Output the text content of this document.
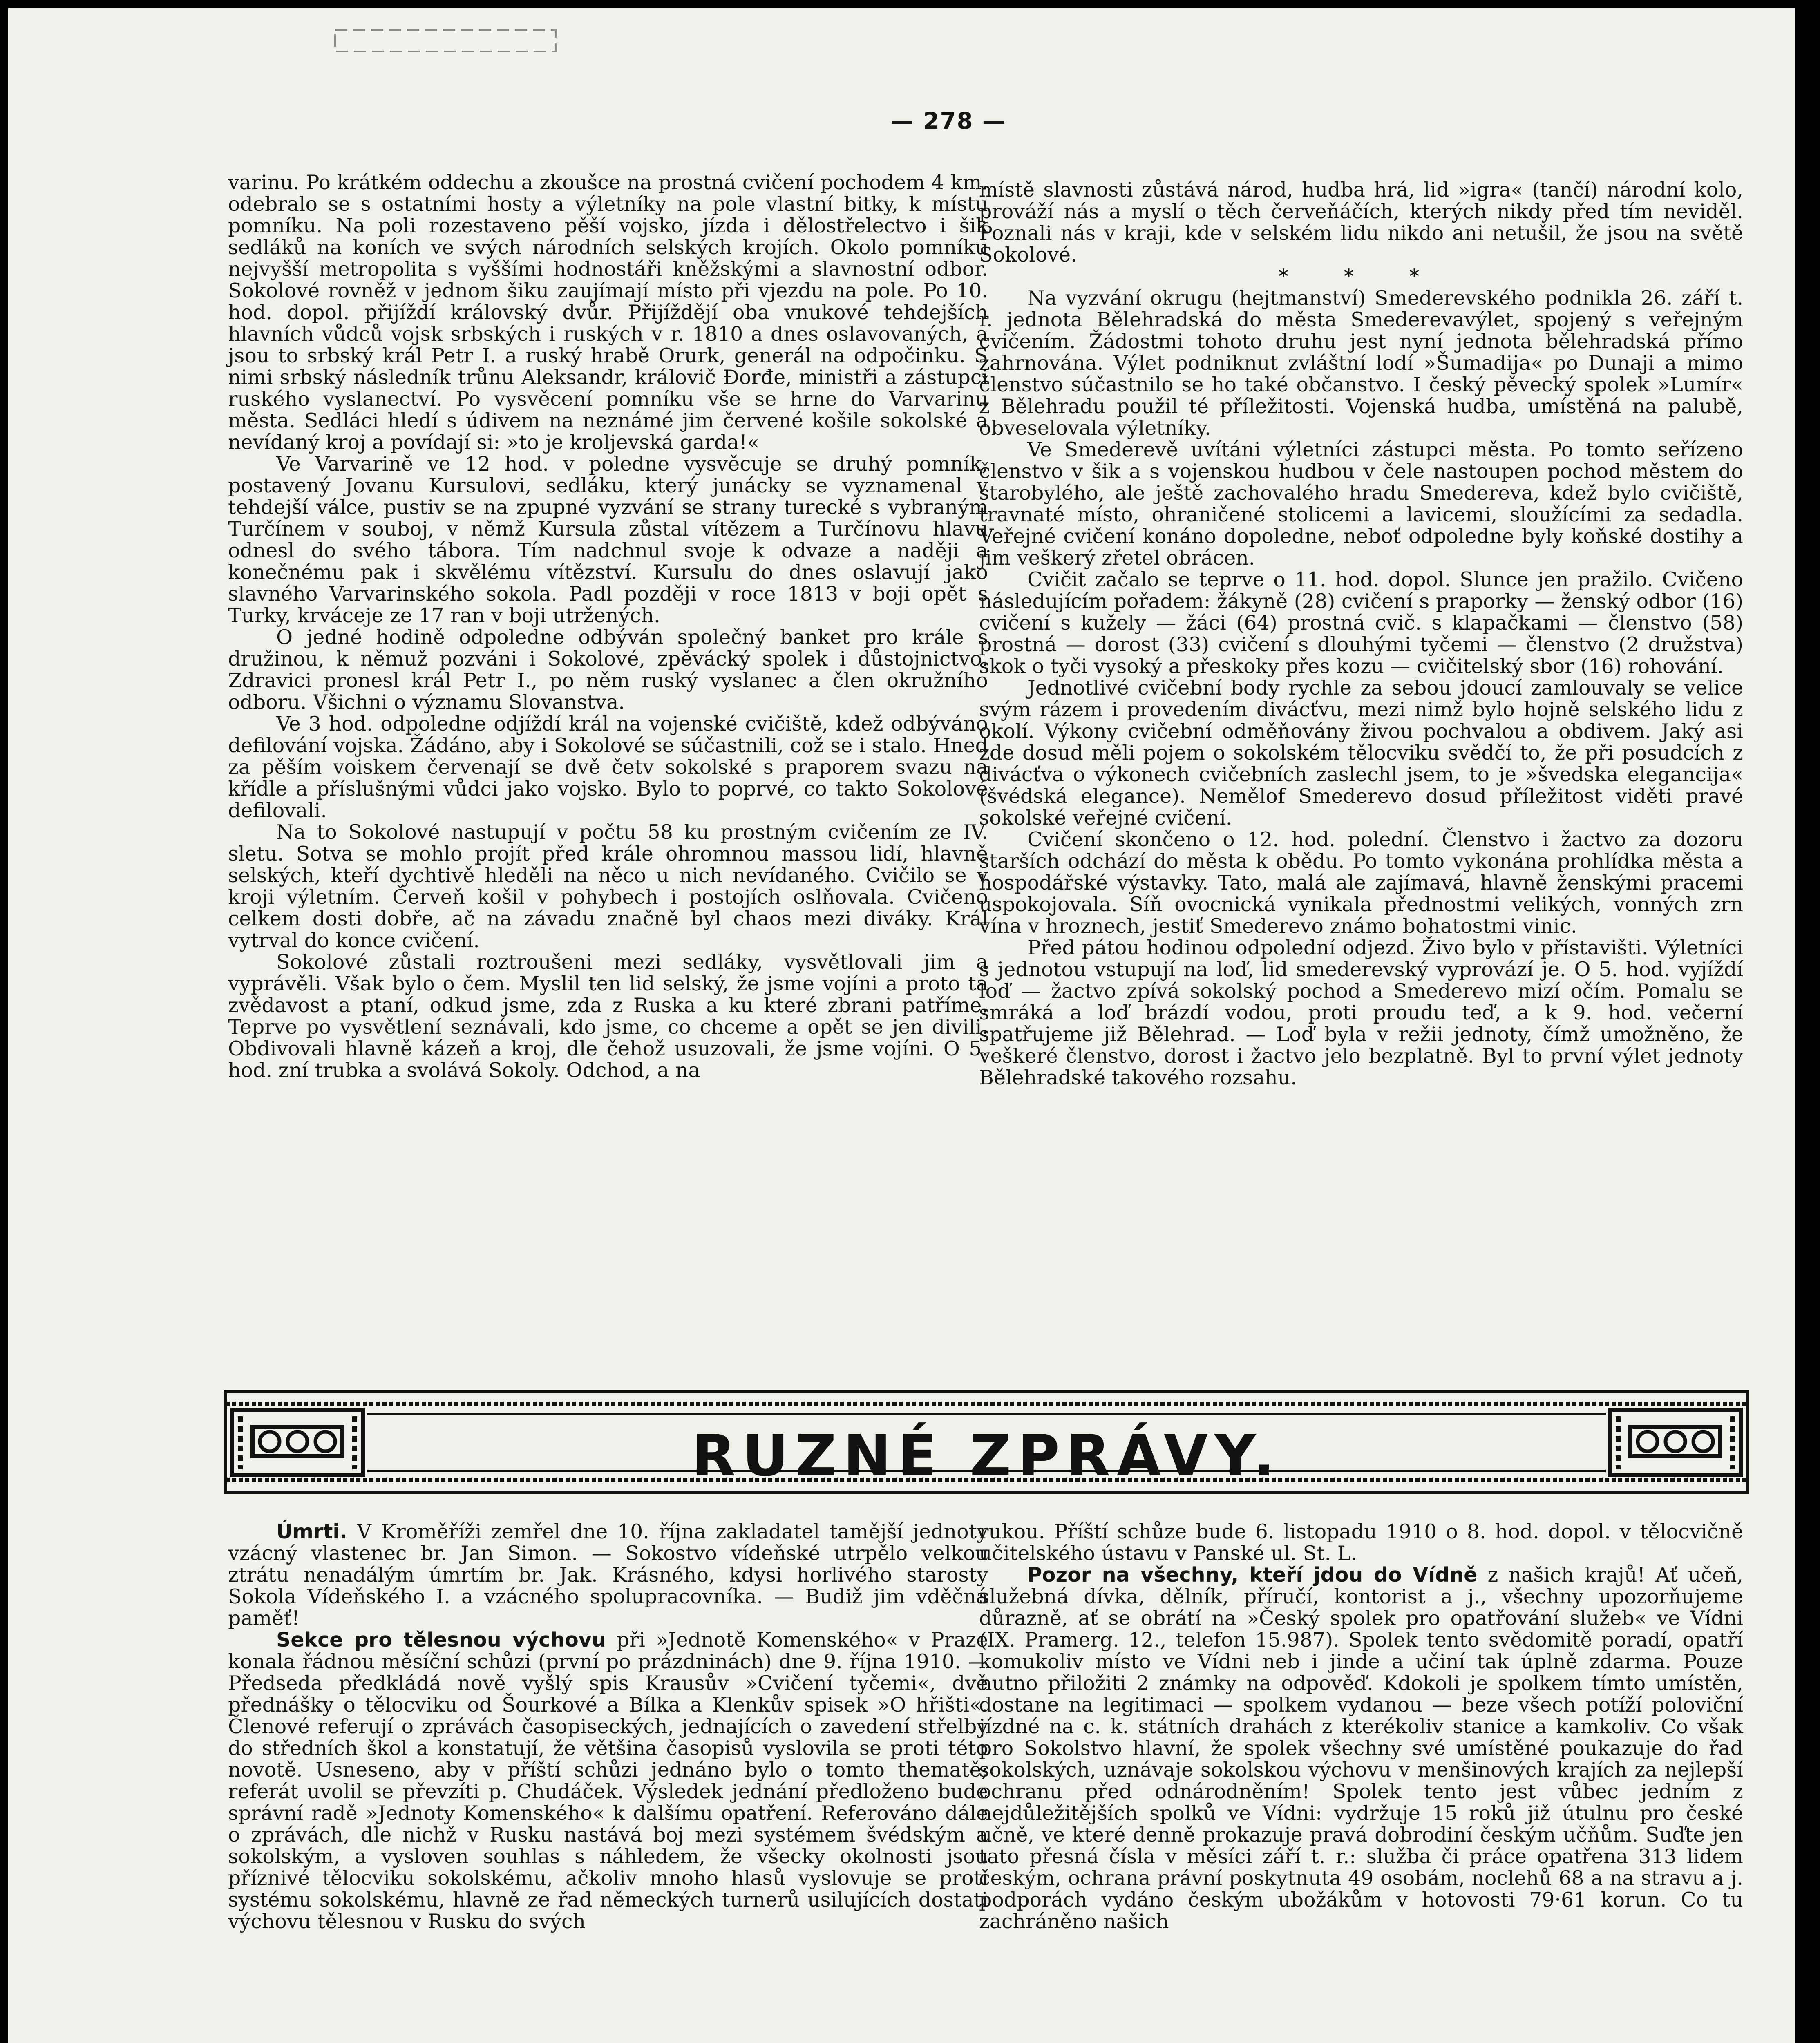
— 278 —

varinu. Po krátkém oddechu a zkoušce na prostná cvičení pochodem 4 km. odebralo se s ostatními hosty a výletníky na pole vlastní bitky, k místu pomníku. Na poli rozestaveno pěší vojsko, jízda i dělostřelectvo i šik sedláků na koních ve svých národních selských krojích. Okolo pomníku nejvyšší metropolita s vyššími hodnostáři kněžskými a slavnostní odbor. Sokolové rovněž v jednom šiku zaujímají místo při vjezdu na pole. Po 10. hod. dopol. přijíždí královský dvůr. Přijíždějí oba vnukové tehdejších hlavních vůdců vojsk srbských i ruských v r. 1810 a dnes oslavovaných, a jsou to srbský král Petr I. a ruský hrabě Orurk, generál na odpočinku. S nimi srbský následník trůnu Aleksandr, královič Đorđe, ministři a zástupci ruského vyslanectví. Po vysvěcení pomníku vše se hrne do Varvarinu města. Sedláci hledí s údivem na neznámé jim červené košile sokolské a nevídaný kroj a povídají si: »to je kroljevská garda!«

Ve Varvarině ve 12 hod. v poledne vysvěcuje se druhý pomník, postavený Jovanu Kursulovi, sedláku, který junácky se vyznamenal v tehdejší válce, pustiv se na zpupné vyzvání se strany turecké s vybraným Turčínem v souboj, v němž Kursula zůstal vítězem a Turčínovu hlavu odnesl do svého tábora. Tím nadchnul svoje k odvaze a naději a konečnému pak i skvělému vítězství. Kursulu do dnes oslavují jako slavného Varvarinského sokola. Padl později v roce 1813 v boji opět s Turky, krváceje ze 17 ran v boji utržených.

O jedné hodině odpoledne odbýván společný banket pro krále s družinou, k němuž pozváni i Sokolové, zpěvácký spolek i důstojnictvo. Zdravici pronesl král Petr I., po něm ruský vyslanec a člen okružního odboru. Všichni o významu Slovanstva.

Ve 3 hod. odpoledne odjíždí král na vojenské cvičiště, kdež odbýváno defilování vojska. Žádáno, aby i Sokolové se súčastnili, což se i stalo. Hned za pěším voiskem červenají se dvě četv sokolské s praporem svazu na křídle a příslušnými vůdci jako vojsko. Bylo to poprvé, co takto Sokolové defilovali.

Na to Sokolové nastupují v počtu 58 ku prostným cvičením ze IV. sletu. Sotva se mohlo projít před krále ohromnou massou lidí, hlavně selských, kteří dychtivě hleděli na něco u nich nevídaného. Cvičilo se v kroji výletním. Červeň košil v pohybech i postojích oslňovala. Cvičeno celkem dosti dobře, ač na závadu značně byl chaos mezi diváky. Král vytrval do konce cvičení.

Sokolové zůstali roztroušeni mezi sedláky, vysvětlovali jim a vyprávěli. Však bylo o čem. Myslil ten lid selský, že jsme vojíni a proto ta zvědavost a ptaní, odkud jsme, zda z Ruska a ku které zbrani patříme. Teprve po vysvětlení seznávali, kdo jsme, co chceme a opět se jen divili. Obdivovali hlavně kázeň a kroj, dle čehož usuzovali, že jsme vojíni. O 5. hod. zní trubka a svolává Sokoly. Odchod, a na

místě slavnosti zůstává národ, hudba hrá, lid »igra« (tančí) národní kolo, prováží nás a myslí o těch červeňáčích, kterých nikdy před tím neviděl. Poznali nás v kraji, kde v selském lidu nikdo ani netušil, že jsou na světě Sokolové.

* * *

Na vyzvání okrugu (hejtmanství) Smederevského podnikla 26. září t. r. jednota Bělehradská do města Smederevavýlet, spojený s veřejným cvičením. Žádostmi tohoto druhu jest nyní jednota bělehradská přímo zahrnována. Výlet podniknut zvláštní lodí »Šumadija« po Dunaji a mimo členstvo súčastnilo se ho také občanstvo. I český pěvecký spolek »Lumír« z Bělehradu použil té příležitosti. Vojenská hudba, umístěná na palubě, obveselovala výletníky.

Ve Smederevě uvítáni výletníci zástupci města. Po tomto seřízeno členstvo v šik a s vojenskou hudbou v čele nastoupen pochod městem do starobylého, ale ještě zachovalého hradu Smedereva, kdež bylo cvičiště, travnaté místo, ohraničené stolicemi a lavicemi, sloužícími za sedadla. Veřejné cvičení konáno dopoledne, neboť odpoledne byly koňské dostihy a jim veškerý zřetel obrácen.

Cvičit začalo se teprve o 11. hod. dopol. Slunce jen pražilo. Cvičeno následujícím pořadem: žákyně (28) cvičení s praporky — ženský odbor (16) cvičení s kužely — žáci (64) prostná cvič. s klapačkami — členstvo (58) prostná — dorost (33) cvičení s dlouhými tyčemi — členstvo (2 družstva) skok o tyči vysoký a přeskoky přes kozu — cvičitelský sbor (16) rohování.

Jednotlivé cvičební body rychle za sebou jdoucí zamlouvaly se velice svým rázem i provedením divácťvu, mezi nimž bylo hojně selského lidu z okolí. Výkony cvičební odměňovány živou pochvalou a obdivem. Jaký asi zde dosud měli pojem o sokolském tělocviku svědčí to, že při posudcích z divácťva o výkonech cvičebních zaslechl jsem, to je »švedska elegancija« (švédská elegance). Nemělof Smederevo dosud příležitost viděti pravé sokolské veřejné cvičení.

Cvičení skončeno o 12. hod. polední. Členstvo i žactvo za dozoru starších odchází do města k obědu. Po tomto vykonána prohlídka města a hospodářské výstavky. Tato, malá ale zajímavá, hlavně ženskými pracemi uspokojovala. Síň ovocnická vynikala přednostmi velikých, vonných zrn vína v hroznech, jestiť Smederevo známo bohatostmi vinic.

Před pátou hodinou odpolední odjezd. Živo bylo v přístavišti. Výletníci s jednotou vstupují na loď, lid smederevský vyprovází je. O 5. hod. vyjíždí loď — žactvo zpívá sokolský pochod a Smederevo mizí očím. Pomalu se smráká a loď brázdí vodou, proti proudu teď, a k 9. hod. večerní spatřujeme již Bělehrad. — Loď byla v režii jednoty, čímž umožněno, že veškeré členstvo, dorost i žactvo jelo bezplatně. Byl to první výlet jednoty Bělehradské takového rozsahu.

RUZNÉ ZPRÁVY.

Úmrti. V Kroměříži zemřel dne 10. října zakladatel tamější jednoty vzácný vlastenec br. Jan Simon. — Sokostvo vídeňské utrpělo velkou ztrátu nenadálým úmrtím br. Jak. Krásného, kdysi horlivého starosty Sokola Vídeňského I. a vzácného spolupracovníka. — Budiž jim vděčná paměť!

Sekce pro tělesnou výchovu při »Jednotě Komenského« v Praze konala řádnou měsíční schůzi (první po prázdninách) dne 9. října 1910. — Předseda předkládá nově vyšlý spis Krausův »Cvičení tyčemi«, dvě přednášky o tělocviku od Šourkové a Bílka a Klenkův spisek »O hřišti«. Členové referují o zprávách časopiseckých, jednajících o zavedení střelby do středních škol a konstatují, že většina časopisů vyslovila se proti této novotě. Usneseno, aby v příští schůzi jednáno bylo o tomto thematě; referát uvolil se převzíti p. Chudáček. Výsledek jednání předloženo bude správní radě »Jednoty Komenského« k dalšímu opatření. Referováno dále o zprávách, dle nichž v Rusku nastává boj mezi systémem švédským a sokolským, a vysloven souhlas s náhledem, že všecky okolnosti jsou příznivé tělocviku sokolskému, ačkoliv mnoho hlasů vyslovuje se proti systému sokolskému, hlavně ze řad německých turnerů usilujících dostati výchovu tělesnou v Rusku do svých

rukou. Příští schůze bude 6. listopadu 1910 o 8. hod. dopol. v tělocvičně učitelského ústavu v Panské ul. St. L.

Pozor na všechny, kteří jdou do Vídně z našich krajů! Ať učeň, služebná dívka, dělník, příručí, kontorist a j., všechny upozorňujeme důrazně, ať se obrátí na »Český spolek pro opatřování služeb« ve Vídni (IX. Pramerg. 12., telefon 15.987). Spolek tento svědomitě poradí, opatří komukoliv místo ve Vídni neb i jinde a učiní tak úplně zdarma. Pouze nutno přiložiti 2 známky na odpověď. Kdokoli je spolkem tímto umístěn, dostane na legitimaci — spolkem vydanou — beze všech potíží poloviční jízdné na c. k. státních drahách z kterékoliv stanice a kamkoliv. Co však pro Sokolstvo hlavní, že spolek všechny své umístěné poukazuje do řad sokolských, uznávaje sokolskou výchovu v menšinových krajích za nejlepší ochranu před odnárodněním! Spolek tento jest vůbec jedním z nejdůležitějších spolků ve Vídni: vydržuje 15 roků již útulnu pro české učně, ve které denně prokazuje pravá dobrodiní českým učňům. Suďte jen tato přesná čísla v měsíci září t. r.: služba či práce opatřena 313 lidem českým, ochrana právní poskytnuta 49 osobám, noclehů 68 a na stravu a j. podporách vydáno českým ubožákům v hotovosti 79·61 korun. Co tu zachráněno našich
